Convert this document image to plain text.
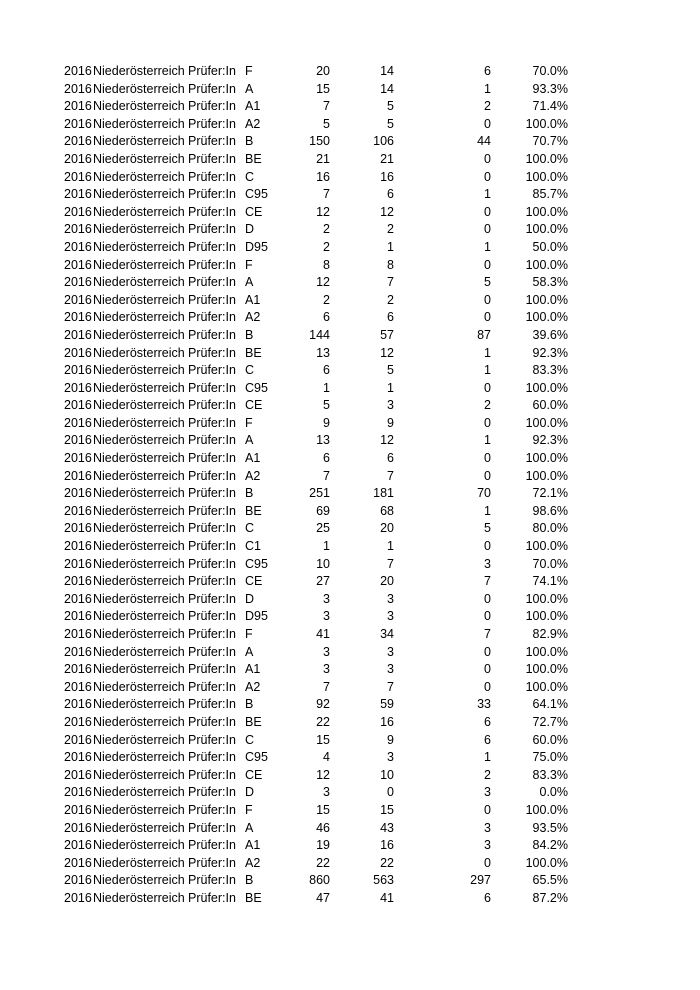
2016 Niederösterreich Prüfer:In F	20	14	6	70.0%
2016 Niederösterreich Prüfer:In A	15	14	1	93.3%
2016 Niederösterreich Prüfer:In A1	7	5	2	71.4%
2016 Niederösterreich Prüfer:In A2	5	5	0	100.0%
2016 Niederösterreich Prüfer:In B	150	106	44	70.7%
2016 Niederösterreich Prüfer:In BE	21	21	0	100.0%
2016 Niederösterreich Prüfer:In C	16	16	0	100.0%
2016 Niederösterreich Prüfer:In C95	7	6	1	85.7%
2016 Niederösterreich Prüfer:In CE	12	12	0	100.0%
2016 Niederösterreich Prüfer:In D	2	2	0	100.0%
2016 Niederösterreich Prüfer:In D95	2	1	1	50.0%
2016 Niederösterreich Prüfer:In F	8	8	0	100.0%
2016 Niederösterreich Prüfer:In A	12	7	5	58.3%
2016 Niederösterreich Prüfer:In A1	2	2	0	100.0%
2016 Niederösterreich Prüfer:In A2	6	6	0	100.0%
2016 Niederösterreich Prüfer:In B	144	57	87	39.6%
2016 Niederösterreich Prüfer:In BE	13	12	1	92.3%
2016 Niederösterreich Prüfer:In C	6	5	1	83.3%
2016 Niederösterreich Prüfer:In C95	1	1	0	100.0%
2016 Niederösterreich Prüfer:In CE	5	3	2	60.0%
2016 Niederösterreich Prüfer:In F	9	9	0	100.0%
2016 Niederösterreich Prüfer:In A	13	12	1	92.3%
2016 Niederösterreich Prüfer:In A1	6	6	0	100.0%
2016 Niederösterreich Prüfer:In A2	7	7	0	100.0%
2016 Niederösterreich Prüfer:In B	251	181	70	72.1%
2016 Niederösterreich Prüfer:In BE	69	68	1	98.6%
2016 Niederösterreich Prüfer:In C	25	20	5	80.0%
2016 Niederösterreich Prüfer:In C1	1	1	0	100.0%
2016 Niederösterreich Prüfer:In C95	10	7	3	70.0%
2016 Niederösterreich Prüfer:In CE	27	20	7	74.1%
2016 Niederösterreich Prüfer:In D	3	3	0	100.0%
2016 Niederösterreich Prüfer:In D95	3	3	0	100.0%
2016 Niederösterreich Prüfer:In F	41	34	7	82.9%
2016 Niederösterreich Prüfer:In A	3	3	0	100.0%
2016 Niederösterreich Prüfer:In A1	3	3	0	100.0%
2016 Niederösterreich Prüfer:In A2	7	7	0	100.0%
2016 Niederösterreich Prüfer:In B	92	59	33	64.1%
2016 Niederösterreich Prüfer:In BE	22	16	6	72.7%
2016 Niederösterreich Prüfer:In C	15	9	6	60.0%
2016 Niederösterreich Prüfer:In C95	4	3	1	75.0%
2016 Niederösterreich Prüfer:In CE	12	10	2	83.3%
2016 Niederösterreich Prüfer:In D	3	0	3	0.0%
2016 Niederösterreich Prüfer:In F	15	15	0	100.0%
2016 Niederösterreich Prüfer:In A	46	43	3	93.5%
2016 Niederösterreich Prüfer:In A1	19	16	3	84.2%
2016 Niederösterreich Prüfer:In A2	22	22	0	100.0%
2016 Niederösterreich Prüfer:In B	860	563	297	65.5%
2016 Niederösterreich Prüfer:In BE	47	41	6	87.2%
